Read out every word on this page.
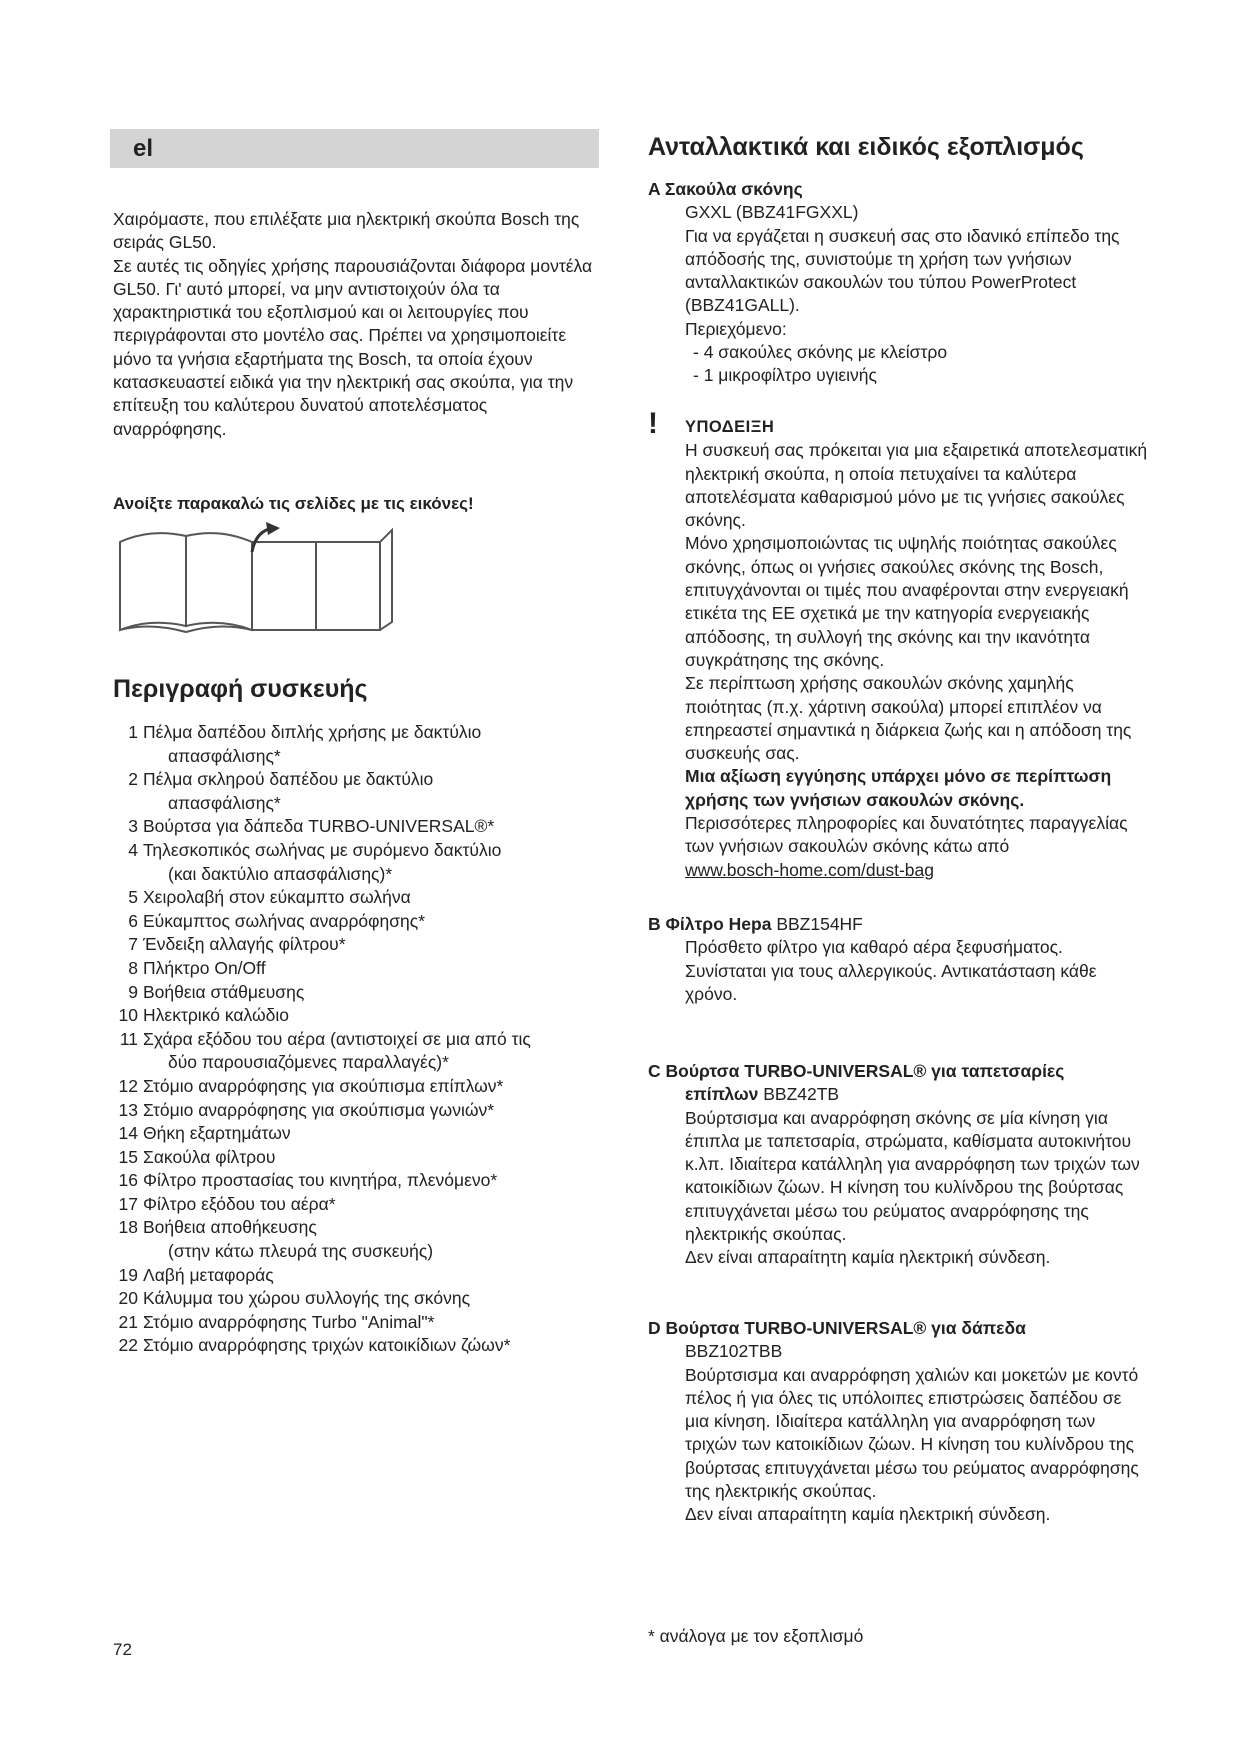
el

Χαιρόμαστε, που επιλέξατε μια ηλεκτρική σκούπα Bosch της σειράς GL50.

Σε αυτές τις οδηγίες χρήσης παρουσιάζονται διάφορα μοντέλα GL50. Γι' αυτό μπορεί, να μην αντιστοιχούν όλα τα χαρακτηριστικά του εξοπλισμού και οι λειτουργίες που περιγράφονται στο μοντέλο σας. Πρέπει να χρησιμοποιείτε μόνο τα γνήσια εξαρτήματα της Bosch, τα οποία έχουν κατασκευαστεί ειδικά για την ηλεκτρική σας σκούπα, για την επίτευξη του καλύτερου δυνατού αποτελέσματος αναρρόφησης.

Ανοίξτε παρακαλώ τις σελίδες με τις εικόνες!
Περιγραφή συσκευής
1 Πέλμα δαπέδου διπλής χρήσης με δακτύλιο
απασφάλισης*
2 Πέλμα σκληρού δαπέδου με δακτύλιο
απασφάλισης*
3 Βούρτσα για δάπεδα TURBO-UNIVERSAL®*
4 Τηλεσκοπικός σωλήνας με συρόμενο δακτύλιο
(και δακτύλιο απασφάλισης)*
5 Χειρολαβή στον εύκαμπτο σωλήνα
6 Εύκαμπτος σωλήνας αναρρόφησης*
7 Ένδειξη αλλαγής φίλτρου*
8 Πλήκτρο On/Off
9 Βοήθεια στάθμευσης
10 Ηλεκτρικό καλώδιο
11 Σχάρα εξόδου του αέρα (αντιστοιχεί σε μια από τις
δύο παρουσιαζόμενες παραλλαγές)*
12 Στόμιο αναρρόφησης για σκούπισμα επίπλων*
13 Στόμιο αναρρόφησης για σκούπισμα γωνιών*
14 Θήκη εξαρτημάτων
15 Σακούλα φίλτρου
16 Φίλτρο προστασίας του κινητήρα, πλενόμενο*
17 Φίλτρο εξόδου του αέρα*
18 Βοήθεια αποθήκευσης
(στην κάτω πλευρά της συσκευής)
19 Λαβή μεταφοράς
20 Κάλυμμα του χώρου συλλογής της σκόνης
21 Στόμιο αναρρόφησης Turbo "Animal"*
22 Στόμιο αναρρόφησης τριχών κατοικίδιων ζώων*
72
Ανταλλακτικά και ειδικός εξοπλισμός
A Σακούλα σκόνης

GXXL (BBZ41FGXXL)

Για να εργάζεται η συσκευή σας στο ιδανικό επίπεδο της απόδοσής της, συνιστούμε τη χρήση των γνήσιων ανταλλακτικών σακουλών του τύπου PowerProtect (BBZ41GALL).

Περιεχόμενο:

- 4 σακούλες σκόνης με κλείστρο
- 1 μικροφίλτρο υγιεινής
!	ΥΠΟΔΕΙΞΗ

Η συσκευή σας πρόκειται για μια εξαιρετικά αποτελεσματική ηλεκτρική σκούπα, η οποία πετυχαίνει τα καλύτερα αποτελέσματα καθαρισμού μόνο με τις γνήσιες σακούλες σκόνης.

Μόνο χρησιμοποιώντας τις υψηλής ποιότητας σακούλες σκόνης, όπως οι γνήσιες σακούλες σκόνης της Bosch, επιτυγχάνονται οι τιμές που αναφέρονται στην ενεργειακή ετικέτα της ΕΕ σχετικά με την κατηγορία ενεργειακής απόδοσης, τη συλλογή της σκόνης και την ικανότητα συγκράτησης της σκόνης.

Σε περίπτωση χρήσης σακουλών σκόνης χαμηλής ποιότητας (π.χ. χάρτινη σακούλα) μπορεί επιπλέον να επηρεαστεί σημαντικά η διάρκεια ζωής και η απόδοση της συσκευής σας.

Μια αξίωση εγγύησης υπάρχει μόνο σε περίπτωση χρήσης των γνήσιων σακουλών σκόνης.

Περισσότερες πληροφορίες και δυνατότητες παραγγελίας των γνήσιων σακουλών σκόνης κάτω από

www.bosch-home.com/dust-bag

B Φίλτρο Hepa BBZ154HF

Πρόσθετο φίλτρο για καθαρό αέρα ξεφυσήματος. Συνίσταται για τους αλλεργικούς. Αντικατάσταση κάθε χρόνο.

C Βούρτσα TURBO-UNIVERSAL® για ταπετσαρίες

επίπλων BBZ42TB

Βούρτσισμα και αναρρόφηση σκόνης σε μία κίνηση για έπιπλα με ταπετσαρία, στρώματα, καθίσματα αυτοκινήτου κ.λπ. Ιδιαίτερα κατάλληλη για αναρρόφηση των τριχών των κατοικίδιων ζώων. Η κίνηση του κυλίνδρου της βούρτσας επιτυγχάνεται μέσω του ρεύματος αναρρόφησης της ηλεκτρικής σκούπας.

Δεν είναι απαραίτητη καμία ηλεκτρική σύνδεση.

D Βούρτσα TURBO-UNIVERSAL® για δάπεδα

BBZ102TBB

Βούρτσισμα και αναρρόφηση χαλιών και μοκετών με κοντό πέλος ή για όλες τις υπόλοιπες επιστρώσεις δαπέδου σε μια κίνηση. Ιδιαίτερα κατάλληλη για αναρρόφηση των τριχών των κατοικίδιων ζώων. Η κίνηση του κυλίνδρου της βούρτσας επιτυγχάνεται μέσω του ρεύματος αναρρόφησης της ηλεκτρικής σκούπας.

Δεν είναι απαραίτητη καμία ηλεκτρική σύνδεση.

* ανάλογα με τον εξοπλισμό
